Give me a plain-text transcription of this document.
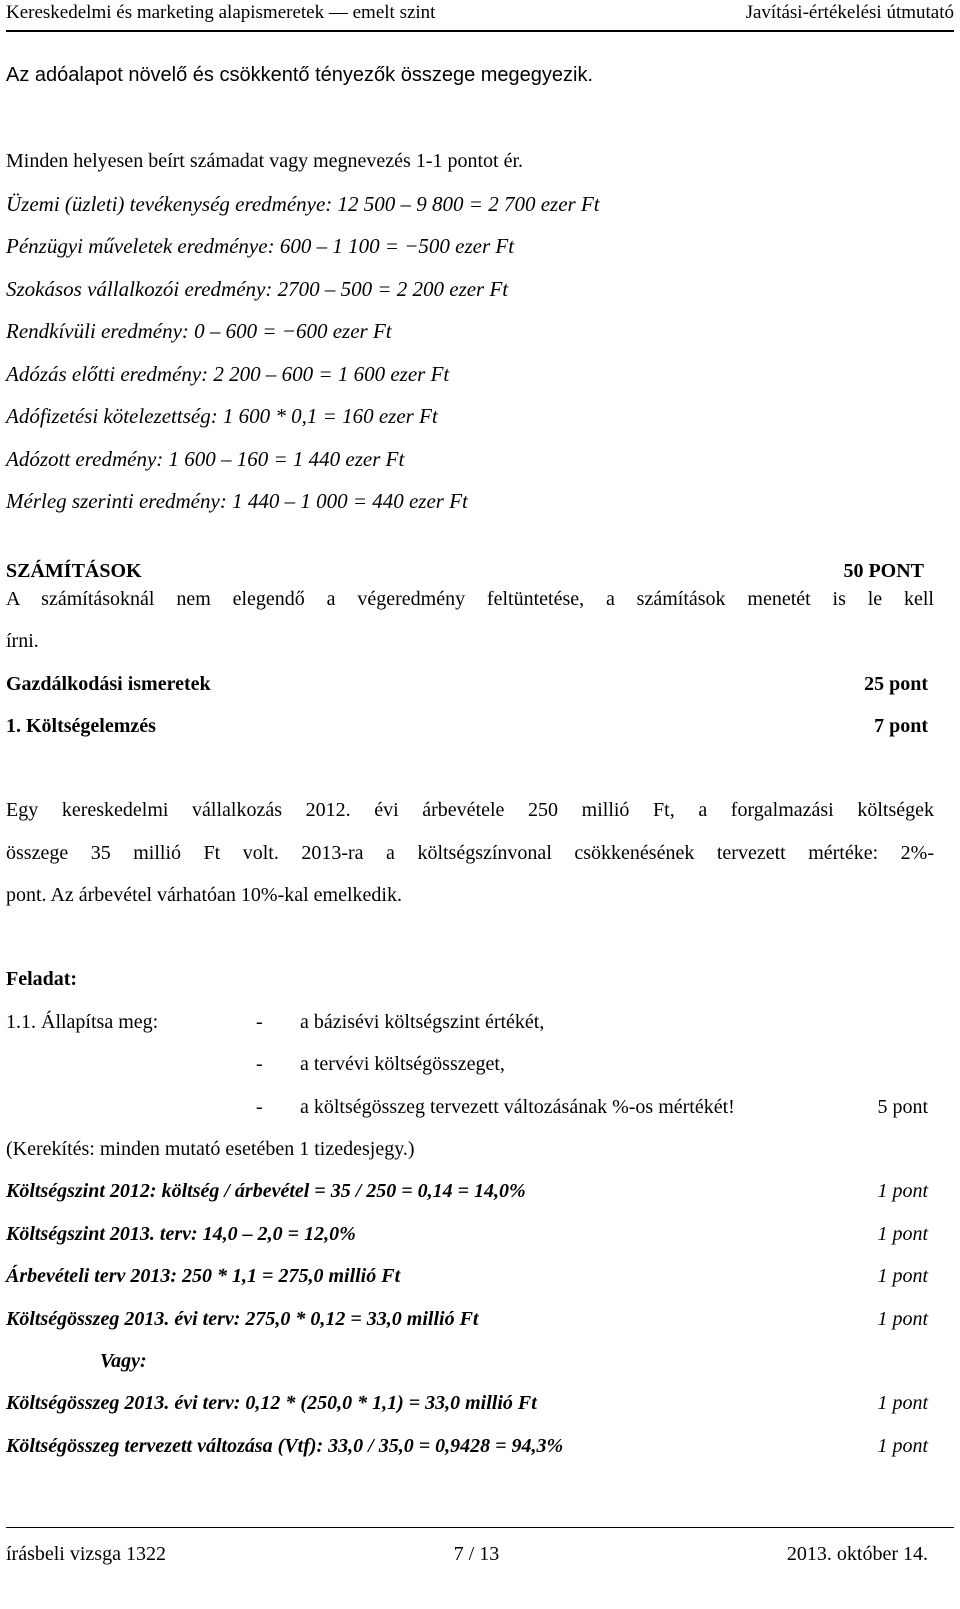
Kereskedelmi és marketing alapismeretek — emelt szint	Javítási-értékelési útmutató
Az adóalapot növelő és csökkentő tényezők összege megegyezik.
Minden helyesen beírt számadat vagy megnevezés 1-1 pontot ér.
Üzemi (üzleti) tevékenység eredménye: 12 500 – 9 800 = 2 700 ezer Ft
Pénzügyi műveletek eredménye: 600 – 1 100 = −500 ezer Ft
Szokásos vállalkozói eredmény: 2700 – 500 = 2 200 ezer Ft
Rendkívüli eredmény: 0 – 600 = −600 ezer Ft
Adózás előtti eredmény: 2 200 – 600 = 1 600 ezer Ft
Adófizetési kötelezettség: 1 600 * 0,1 = 160 ezer Ft
Adózott eredmény: 1 600 – 160 = 1 440 ezer Ft
Mérleg szerinti eredmény: 1 440 – 1 000 = 440 ezer Ft
SZÁMÍTÁSOK	50 PONT
A számításoknál nem elegendő a végeredmény feltüntetése, a számítások menetét is le kell
írni.
Gazdálkodási ismeretek	25 pont
1. Költségelemzés	7 pont
Egy kereskedelmi vállalkozás 2012. évi árbevétele 250 millió Ft, a forgalmazási költségek
összege 35 millió Ft volt. 2013-ra a költségszínvonal csökkenésének tervezett mértéke: 2%-
pont. Az árbevétel várhatóan 10%-kal emelkedik.
Feladat:
1.1. Állapítsa meg:	- a bázisévi költségszint értékét,
- a tervévi költségösszeget,
- a költségösszeg tervezett változásának %-os mértékét!	5 pont
(Kerekítés: minden mutató esetében 1 tizedesjegy.)
Költségszint 2012: költség / árbevétel = 35 / 250 = 0,14 = 14,0%	1 pont
Költségszint 2013. terv: 14,0 – 2,0 = 12,0%	1 pont
Árbevételi terv 2013: 250 * 1,1 = 275,0 millió Ft	1 pont
Költségösszeg 2013. évi terv: 275,0 * 0,12 = 33,0 millió Ft	1 pont
Vagy:
Költségösszeg 2013. évi terv: 0,12 * (250,0 * 1,1) = 33,0 millió Ft	1 pont
Költségösszeg tervezett változása (Vtf): 33,0 / 35,0 = 0,9428 = 94,3%	1 pont
írásbeli vizsga 1322	7 / 13	2013. október 14.
